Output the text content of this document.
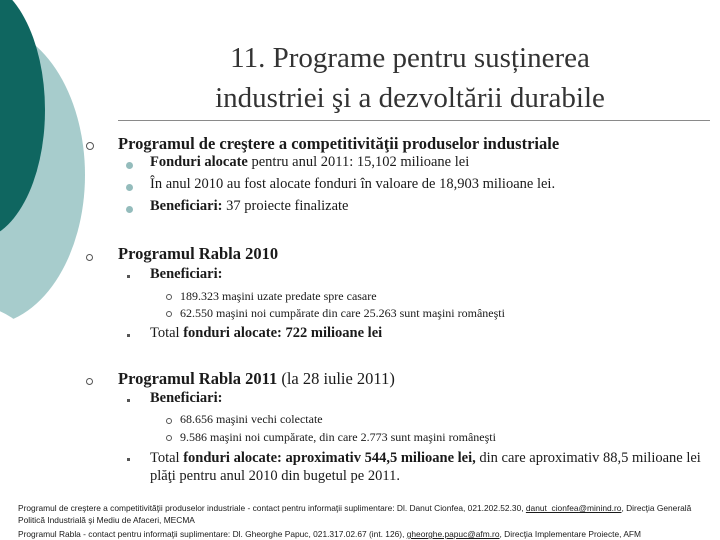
11. Programe pentru susținerea
industriei şi a dezvoltării durabile
Programul de creştere a competitivităţii produselor industriale
Fonduri alocate pentru anul 2011: 15,102 milioane lei
În anul 2010 au fost alocate fonduri în valoare de 18,903 milioane lei.
Beneficiari: 37 proiecte finalizate
Programul Rabla 2010
Beneficiari:
189.323 maşini uzate predate spre casare
62.550 maşini noi cumpărate din care 25.263 sunt maşini româneşti
Total fonduri alocate: 722 milioane lei
Programul Rabla 2011 (la 28 iulie 2011)
Beneficiari:
68.656 maşini vechi colectate
9.586 maşini noi cumpărate, din care 2.773 sunt maşini româneşti
Total fonduri alocate: aproximativ 544,5 milioane lei, din care aproximativ 88,5 milioane lei plăţi pentru anul 2010 din bugetul pe 2011.
Programul de creştere a competitivităţii produselor industriale - contact pentru informaţii suplimentare: Dl. Danut Cionfea, 021.202.52.30, danut_cionfea@minind.ro, Direcţia Generală Politică Industrială şi Mediu de Afaceri, MECMA
Programul Rabla - contact pentru informaţii suplimentare: Dl. Gheorghe Papuc, 021.317.02.67 (int. 126), gheorghe.papuc@afm.ro, Direcţia Implementare Proiecte, AFM
